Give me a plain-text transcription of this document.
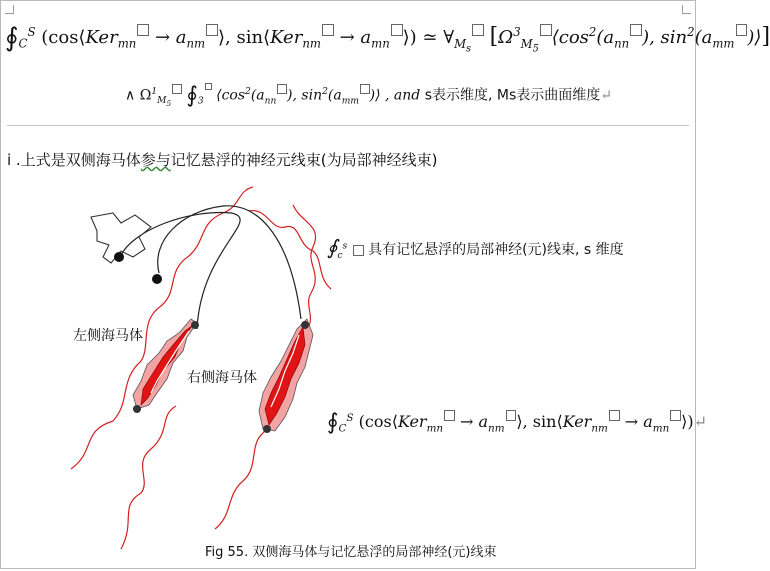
$∮_C^S$ (cos⟨Ker$_{mn}$ → $a_{nm}$ ⟩, sin⟨Ker$_{nm}$ → $a_{mn}$ ⟩) ≃ $\forall_{M_s}$ [$\Omega^3_{M_5}⟨\cos^2(a_{nn}$ ), $\sin^2(a_{mm}$ )⟩]
∧ $\Omega^1_{M_5}$ $∮_3$ $⟨\cos^2(a_{nn}$ ), $\sin^2(a_{mm}$ )⟩ , and s表示维度, Ms表示曲面维度↵
i .上式是双侧海马体参与记忆悬浮的神经元线束(为局部神经线束)
左侧海马体
右侧海马体
$∮_c^s$ 具有记忆悬浮的局部神经(元)线束, s 维度
$∮_C^S$ (cos⟨Ker$_{mn}$ → $a_{nm}$ ⟩, sin⟨Ker$_{nm}$ → $a_{mn}$ ⟩)↵
Fig 55. 双侧海马体与记忆悬浮的局部神经(元)线束
